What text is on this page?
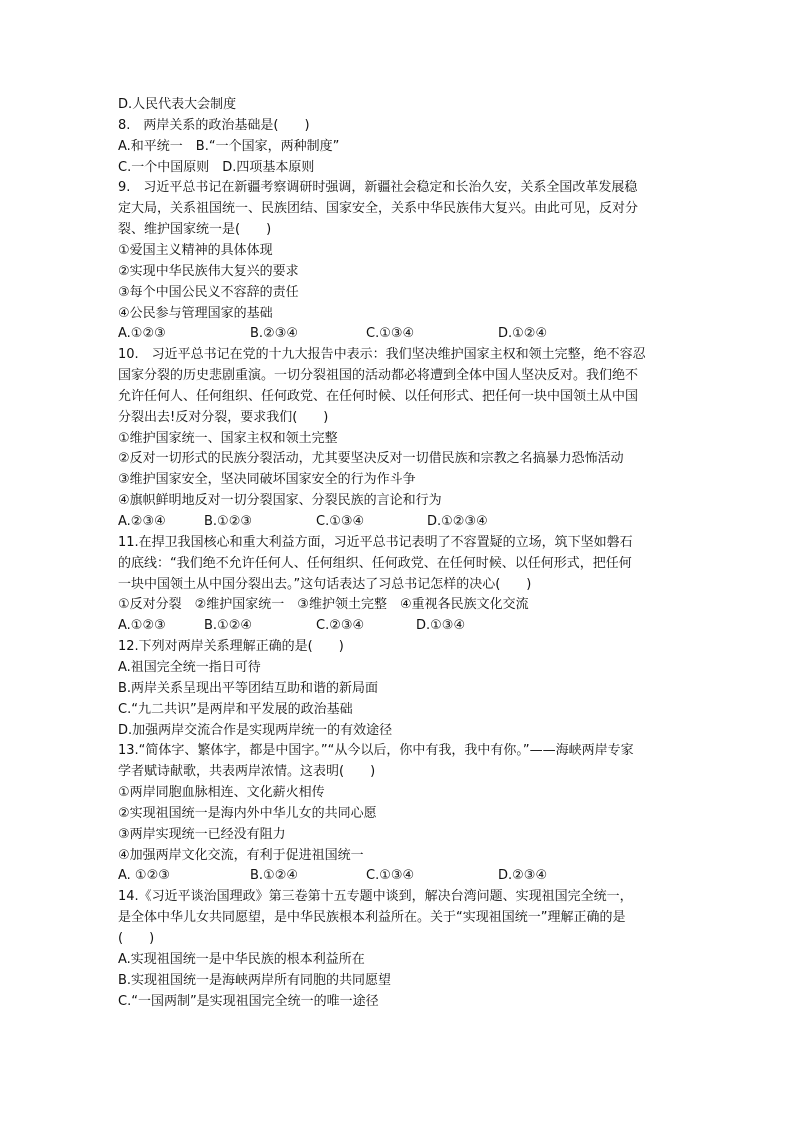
D.人民代表大会制度
8.　两岸关系的政治基础是(　　)
A.和平统一　B.“一个国家，两种制度”
C.一个中国原则　D.四项基本原则
9.　习近平总书记在新疆考察调研时强调，新疆社会稳定和长治久安，关系全国改革发展稳
定大局，关系祖国统一、民族团结、国家安全，关系中华民族伟大复兴。由此可见，反对分
裂、维护国家统一是(　　)
①爱国主义精神的具体体现
②实现中华民族伟大复兴的要求
③每个中国公民义不容辞的责任
④公民参与管理国家的基础
A.①②③	B.②③④	C.①③④	D.①②④
10.　习近平总书记在党的十九大报告中表示：我们坚决维护国家主权和领土完整，绝不容忍
国家分裂的历史悲剧重演。一切分裂祖国的活动都必将遭到全体中国人坚决反对。我们绝不
允许任何人、任何组织、任何政党、在任何时候、以任何形式、把任何一块中国领土从中国
分裂出去!反对分裂，要求我们(　　)
①维护国家统一、国家主权和领土完整
②反对一切形式的民族分裂活动，尤其要坚决反对一切借民族和宗教之名搞暴力恐怖活动
③维护国家安全，坚决同破坏国家安全的行为作斗争
④旗帜鲜明地反对一切分裂国家、分裂民族的言论和行为
A.②③④	B.①②③	C.①③④	D.①②③④
11.在捍卫我国核心和重大利益方面，习近平总书记表明了不容置疑的立场，筑下坚如磐石
的底线：“我们绝不允许任何人、任何组织、任何政党、在任何时候、以任何形式，把任何
一块中国领土从中国分裂出去。”这句话表达了习总书记怎样的决心(　　)
①反对分裂　②维护国家统一　③维护领土完整　④重视各民族文化交流
A.①②③	B.①②④	C.②③④	D.①③④
12.下列对两岸关系理解正确的是(　　)
A.祖国完全统一指日可待
B.两岸关系呈现出平等团结互助和谐的新局面
C.“九二共识”是两岸和平发展的政治基础
D.加强两岸交流合作是实现两岸统一的有效途径
13.“简体字、繁体字，都是中国字。”“从今以后，你中有我，我中有你。”——海峡两岸专家
学者赋诗献歌，共表两岸浓情。这表明(　　)
①两岸同胞血脉相连、文化薪火相传
②实现祖国统一是海内外中华儿女的共同心愿
③两岸实现统一已经没有阻力
④加强两岸文化交流，有利于促进祖国统一
A. ①②③	B.①②④	C.①③④	D.②③④
14.《习近平谈治国理政》第三卷第十五专题中谈到，解决台湾问题、实现祖国完全统一，
是全体中华儿女共同愿望，是中华民族根本利益所在。关于“实现祖国统一”理解正确的是
(　　)
A.实现祖国统一是中华民族的根本利益所在
B.实现祖国统一是海峡两岸所有同胞的共同愿望
C.“一国两制”是实现祖国完全统一的唯一途径
